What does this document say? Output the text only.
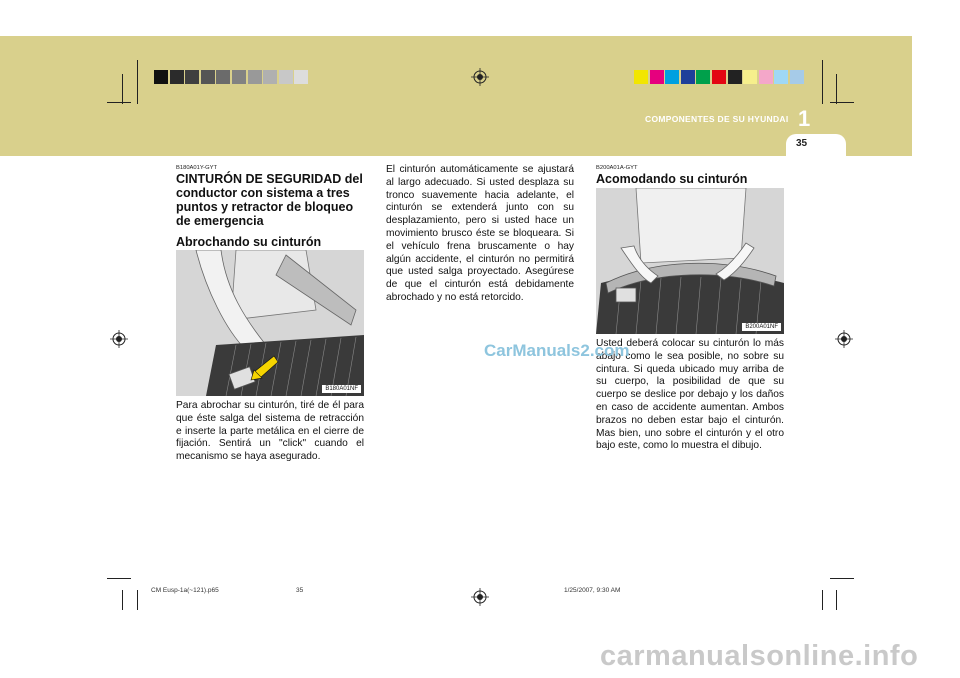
COMPONENTES DE SU HYUNDAI 1
35
B180A01Y-GYT
CINTURÓN DE SEGURIDAD del conductor con sistema a tres puntos y retractor de bloqueo de emergencia
Abrochando su cinturón
B180A01NF
Para abrochar su cinturón, tiré de él para que éste salga del sistema de retracción e inserte la parte metálica en el cierre de fijación. Sentirá un "click" cuando el mecanismo se haya asegurado.
El cinturón automáticamente se ajustará al largo adecuado. Si usted desplaza su tronco suavemente hacia adelante, el cinturón se extenderá junto con su desplazamiento, pero si usted hace un movimiento brusco éste se bloqueara. Si el vehículo frena bruscamente o hay algún accidente, el cinturón no permitirá que usted salga proyectado. Asegúrese de que el cinturón está debidamente abrochado y no está retorcido.
B200A01A-GYT
Acomodando su cinturón
B200A01NF
Usted deberá colocar su cinturón lo más abajo como le sea posible, no sobre su cintura. Si queda ubicado muy arriba de su cuerpo, la posibilidad de que su cuerpo se deslice por debajo y los daños en caso de accidente aumentan. Ambos brazos no deben estar bajo el cinturón. Mas bien, uno sobre el cinturón y el otro bajo este, como lo muestra el dibujo.
CarManuals2.com
CM Eusp-1a(~121).p65	35	1/25/2007, 9:30 AM
carmanualsonline.info
